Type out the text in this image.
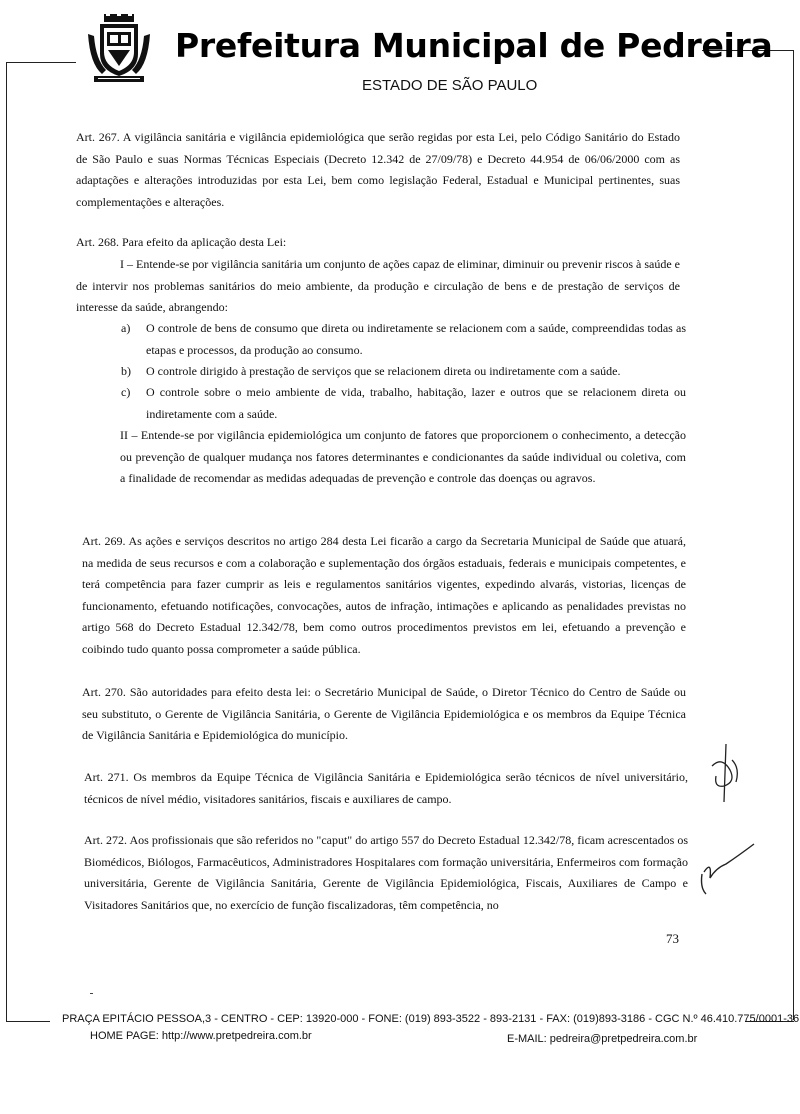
Prefeitura Municipal de Pedreira
ESTADO DE SÃO PAULO

Art. 267. A vigilância sanitária e vigilância epidemiológica que serão regidas por esta Lei, pelo Código Sanitário do Estado de São Paulo e suas Normas Técnicas Especiais (Decreto 12.342 de 27/09/78) e Decreto 44.954 de 06/06/2000 com as adaptações e alterações introduzidas por esta Lei, bem como legislação Federal, Estadual e Municipal pertinentes, suas complementações e alterações.

Art. 268. Para efeito da aplicação desta Lei:

I – Entende-se por vigilância sanitária um conjunto de ações capaz de eliminar, diminuir ou prevenir riscos à saúde e de intervir nos problemas sanitários do meio ambiente, da produção e circulação de bens e de prestação de serviços de interesse da saúde, abrangendo:

a) O controle de bens de consumo que direta ou indiretamente se relacionem com a saúde, compreendidas todas as etapas e processos, da produção ao consumo.
b) O controle dirigido à prestação de serviços que se relacionem direta ou indiretamente com a saúde.
c) O controle sobre o meio ambiente de vida, trabalho, habitação, lazer e outros que se relacionem direta ou indiretamente com a saúde.

II – Entende-se por vigilância epidemiológica um conjunto de fatores que proporcionem o conhecimento, a detecção ou prevenção de qualquer mudança nos fatores determinantes e condicionantes da saúde individual ou coletiva, com a finalidade de recomendar as medidas adequadas de prevenção e controle das doenças ou agravos.

Art. 269. As ações e serviços descritos no artigo 284 desta Lei ficarão a cargo da Secretaria Municipal de Saúde que atuará, na medida de seus recursos e com a colaboração e suplementação dos órgãos estaduais, federais e municipais competentes, e terá competência para fazer cumprir as leis e regulamentos sanitários vigentes, expedindo alvarás, vistorias, licenças de funcionamento, efetuando notificações, convocações, autos de infração, intimações e aplicando as penalidades previstas no artigo 568 do Decreto Estadual 12.342/78, bem como outros procedimentos previstos em lei, efetuando a prevenção e coibindo tudo quanto possa comprometer a saúde pública.

Art. 270. São autoridades para efeito desta lei: o Secretário Municipal de Saúde, o Diretor Técnico do Centro de Saúde ou seu substituto, o Gerente de Vigilância Sanitária, o Gerente de Vigilância Epidemiológica e os membros da Equipe Técnica de Vigilância Sanitária e Epidemiológica do município.

Art. 271. Os membros da Equipe Técnica de Vigilância Sanitária e Epidemiológica serão técnicos de nível universitário, técnicos de nível médio, visitadores sanitários, fiscais e auxiliares de campo.

Art. 272. Aos profissionais que são referidos no "caput" do artigo 557 do Decreto Estadual 12.342/78, ficam acrescentados os Biomédicos, Biólogos, Farmacêuticos, Administradores Hospitalares com formação universitária, Enfermeiros com formação universitária, Gerente de Vigilância Sanitária, Gerente de Vigilância Epidemiológica, Fiscais, Auxiliares de Campo e Visitadores Sanitários que, no exercício de função fiscalizadoras, têm competência, no

73
PRAÇA EPITÁCIO PESSOA,3 - CENTRO - CEP: 13920-000 - FONE: (019) 893-3522 - 893-2131 - FAX: (019)893-3186 - CGC N.º 46.410.775/0001-36
HOME PAGE: http://www.pretpedreira.com.br	E-MAIL: pedreira@pretpedreira.com.br
